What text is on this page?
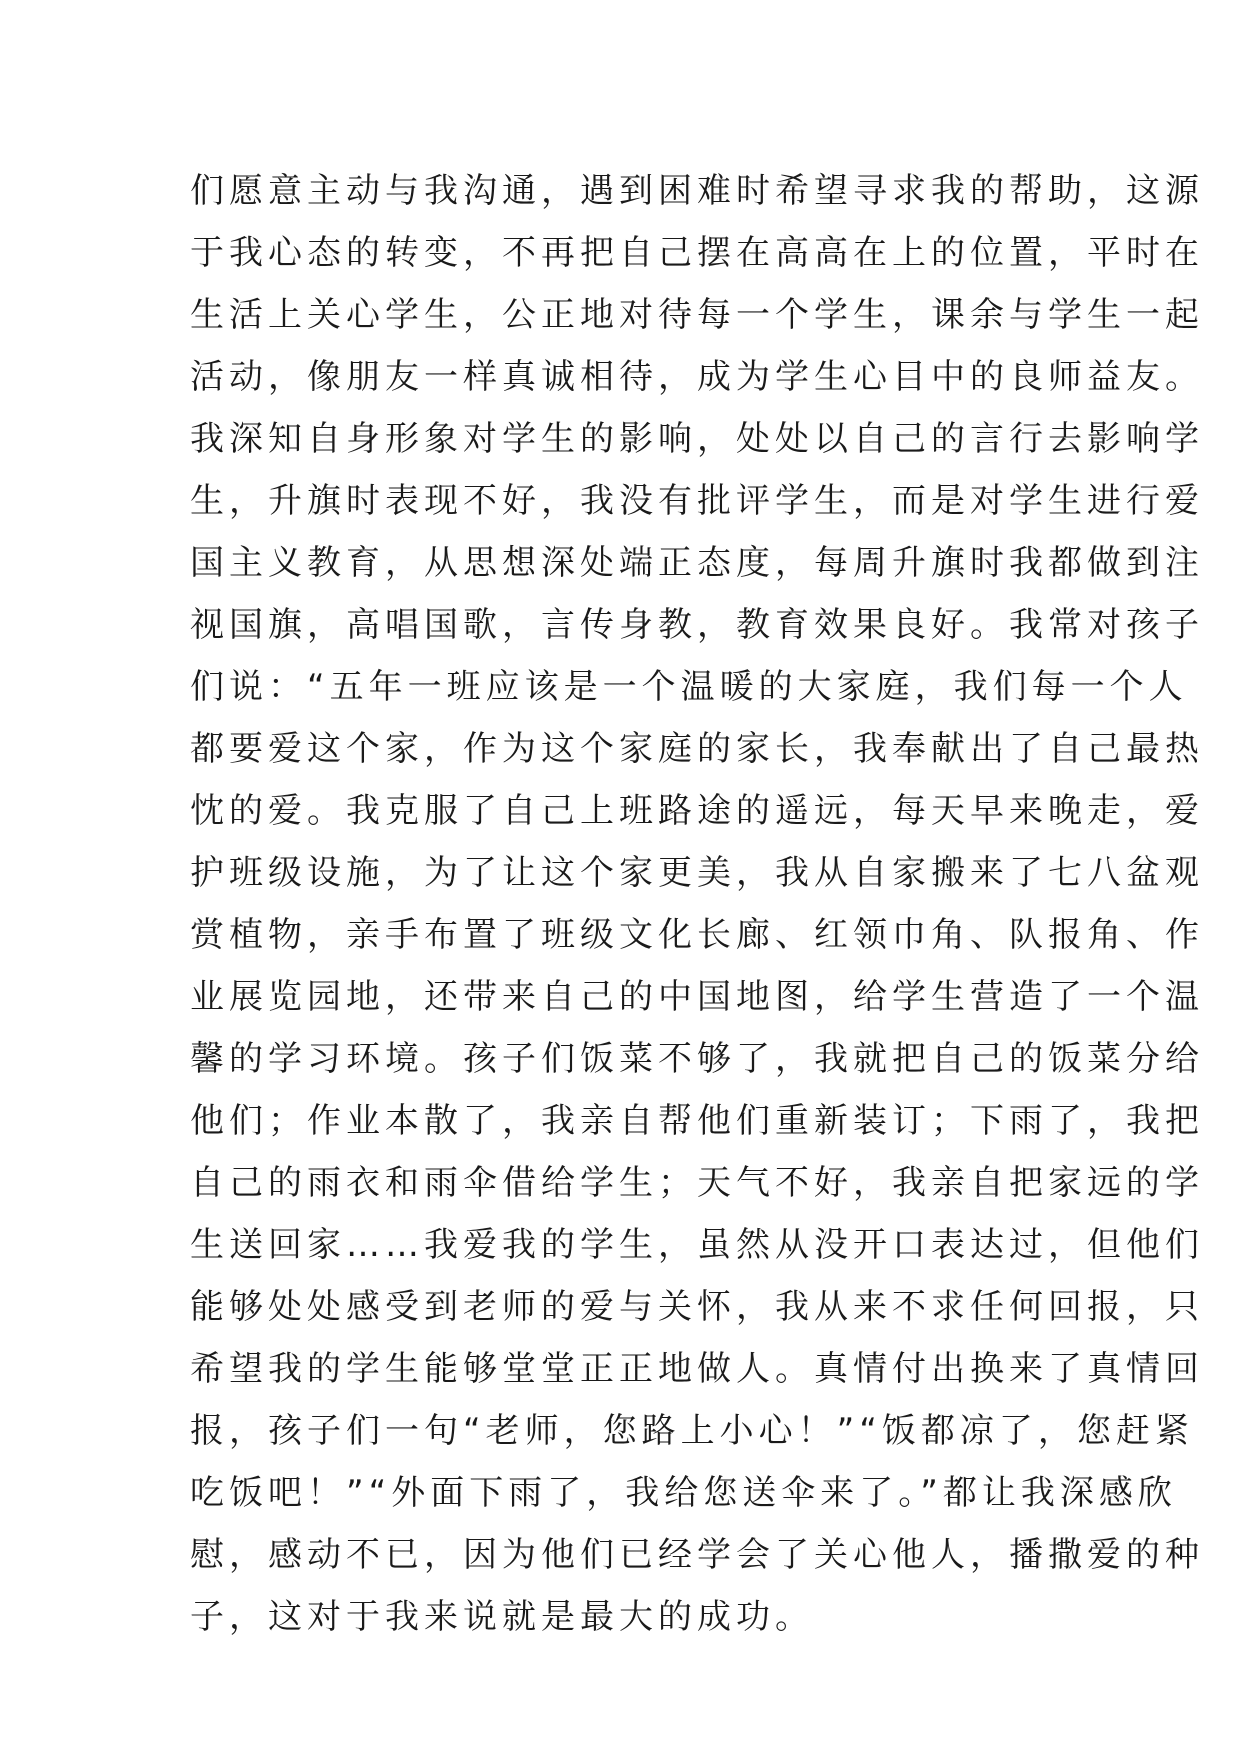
们愿意主动与我沟通，遇到困难时希望寻求我的帮助，这源
于我心态的转变，不再把自己摆在高高在上的位置，平时在
生活上关心学生，公正地对待每一个学生，课余与学生一起
活动，像朋友一样真诚相待，成为学生心目中的良师益友。
我深知自身形象对学生的影响，处处以自己的言行去影响学
生，升旗时表现不好，我没有批评学生，而是对学生进行爱
国主义教育，从思想深处端正态度，每周升旗时我都做到注
视国旗，高唱国歌，言传身教，教育效果良好。我常对孩子
们说：“五年一班应该是一个温暖的大家庭，我们每一个人
都要爱这个家，作为这个家庭的家长，我奉献出了自己最热
忱的爱。我克服了自己上班路途的遥远，每天早来晚走，爱
护班级设施，为了让这个家更美，我从自家搬来了七八盆观
赏植物，亲手布置了班级文化长廊、红领巾角、队报角、作
业展览园地，还带来自己的中国地图，给学生营造了一个温
馨的学习环境。孩子们饭菜不够了，我就把自己的饭菜分给
他们；作业本散了，我亲自帮他们重新装订；下雨了，我把
自己的雨衣和雨伞借给学生；天气不好，我亲自把家远的学
生送回家……我爱我的学生，虽然从没开口表达过，但他们
能够处处感受到老师的爱与关怀，我从来不求任何回报，只
希望我的学生能够堂堂正正地做人。真情付出换来了真情回
报，孩子们一句“老师，您路上小心！”“饭都凉了，您赶紧
吃饭吧！”“外面下雨了，我给您送伞来了。”都让我深感欣
慰，感动不已，因为他们已经学会了关心他人，播撒爱的种
子，这对于我来说就是最大的成功。
